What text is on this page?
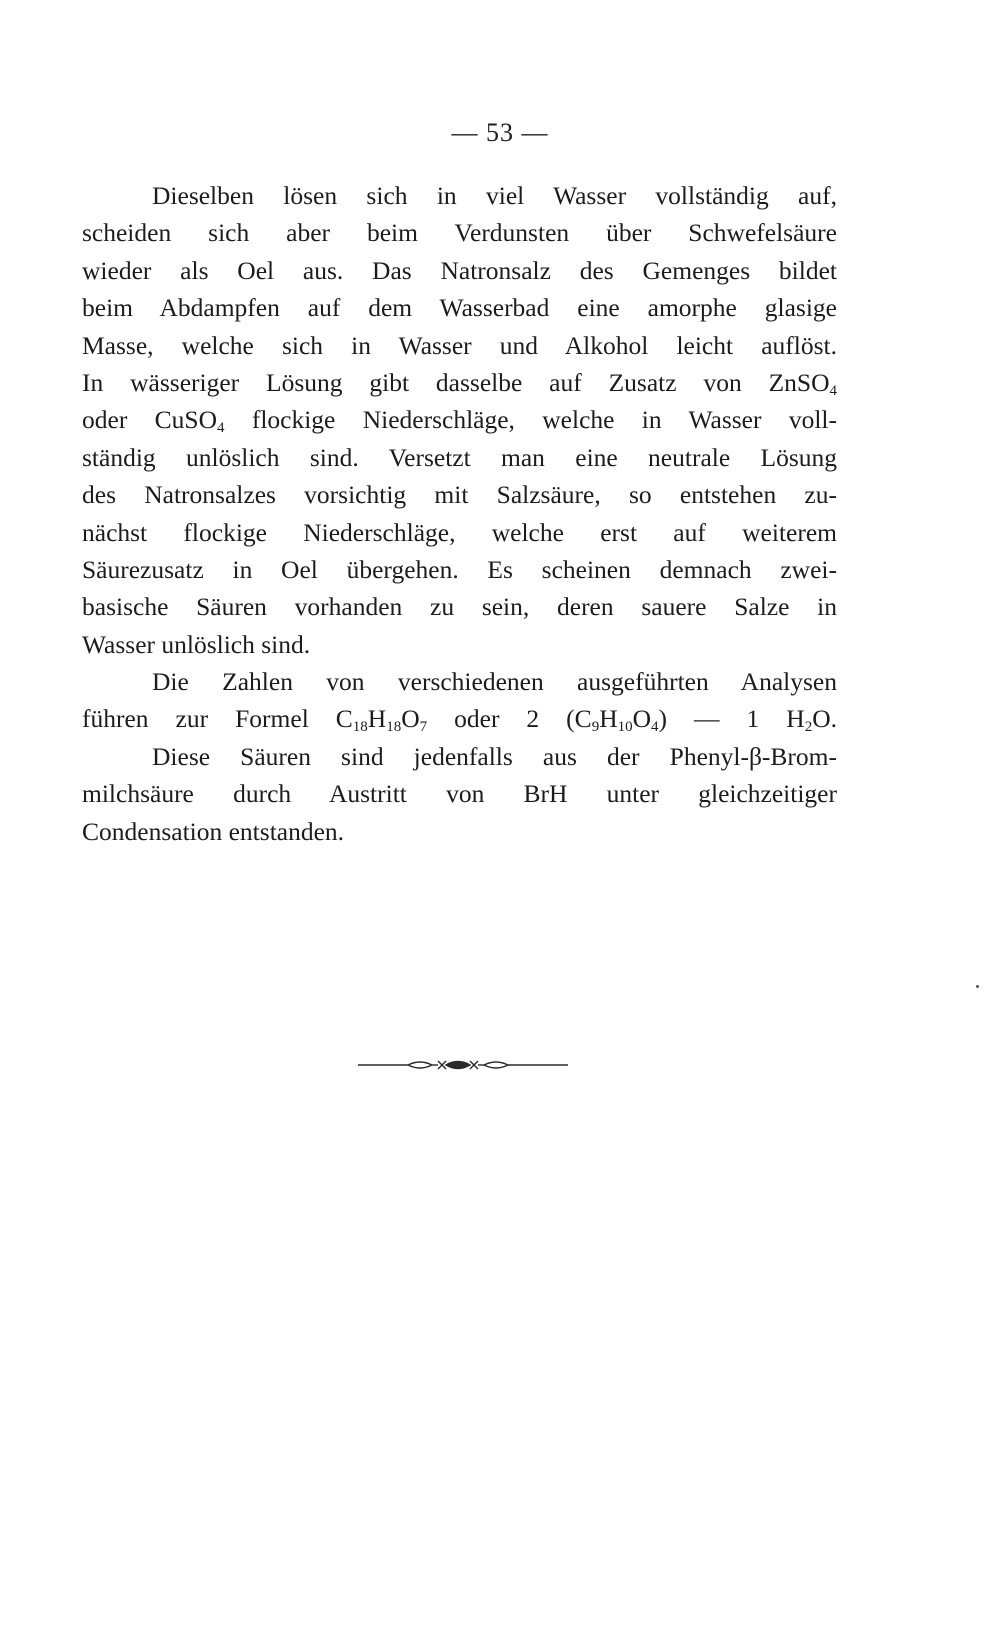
— 53 —
Dieselben lösen sich in viel Wasser vollständig auf,
scheiden sich aber beim Verdunsten über Schwefelsäure
wieder als Oel aus. Das Natronsalz des Gemenges bildet
beim Abdampfen auf dem Wasserbad eine amorphe glasige
Masse, welche sich in Wasser und Alkohol leicht auflöst.
In wässeriger Lösung gibt dasselbe auf Zusatz von ZnSO$_4$
oder CuSO$_4$ flockige Niederschläge, welche in Wasser voll-
ständig unlöslich sind. Versetzt man eine neutrale Lösung
des Natronsalzes vorsichtig mit Salzsäure, so entstehen zu-
nächst flockige Niederschläge, welche erst auf weiterem
Säurezusatz in Oel übergehen. Es scheinen demnach zwei-
basische Säuren vorhanden zu sein, deren sauere Salze in
Wasser unlöslich sind.
Die Zahlen von verschiedenen ausgeführten Analysen
führen zur Formel $C_{18}H_{18}O_7$ oder 2 $(C_9H_{10}O_4)$ — 1 $H_2O$.
Diese Säuren sind jedenfalls aus der Phenyl-β-Brom-
milchsäure durch Austritt von BrH unter gleichzeitiger
Condensation entstanden.
